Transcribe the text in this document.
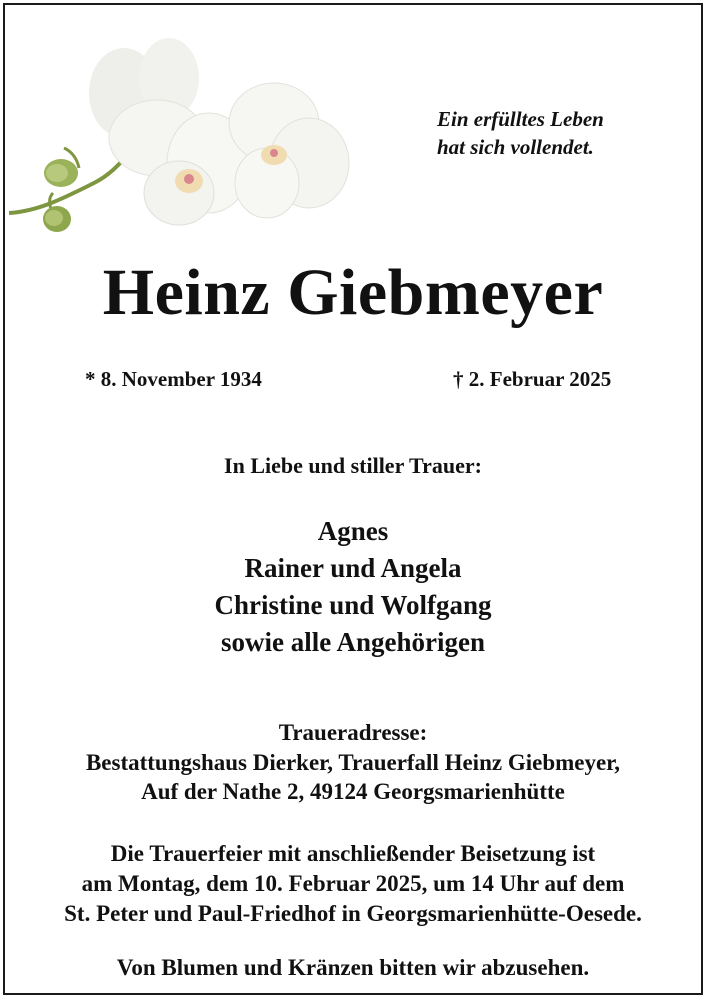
Ein erfülltes Leben
hat sich vollendet.
Heinz Giebmeyer
* 8. November 1934	† 2. Februar 2025
In Liebe und stiller Trauer:
Agnes
Rainer und Angela
Christine und Wolfgang
sowie alle Angehörigen
Traueradresse:
Bestattungshaus Dierker, Trauerfall Heinz Giebmeyer,
Auf der Nathe 2, 49124 Georgsmarienhütte
Die Trauerfeier mit anschließender Beisetzung ist
am Montag, dem 10. Februar 2025, um 14 Uhr auf dem
St. Peter und Paul-Friedhof in Georgsmarienhütte-Oesede.
Von Blumen und Kränzen bitten wir abzusehen.
